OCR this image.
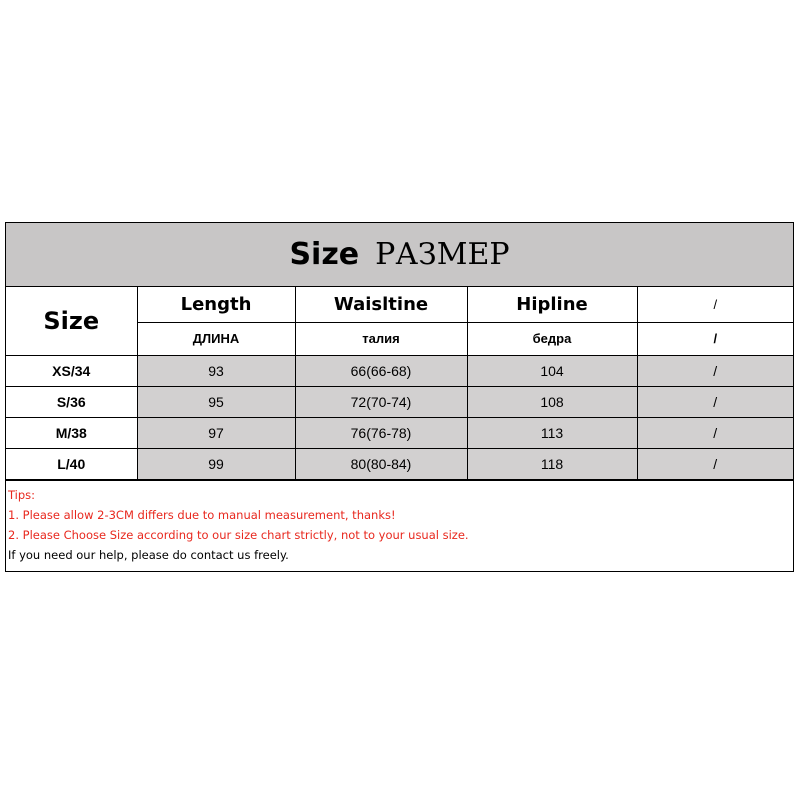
Size РАЗМЕР
Size	Length	Waisltine	Hipline	/
	ДЛИНА	талия	бедра	/
XS/34	93	66(66-68)	104	/
S/36	95	72(70-74)	108	/
M/38	97	76(76-78)	113	/
L/40	99	80(80-84)	118	/
Tips:
1. Please allow 2-3CM differs due to manual measurement, thanks!
2. Please Choose Size according to our size chart strictly, not to your usual size.
If you need our help, please do contact us freely.
